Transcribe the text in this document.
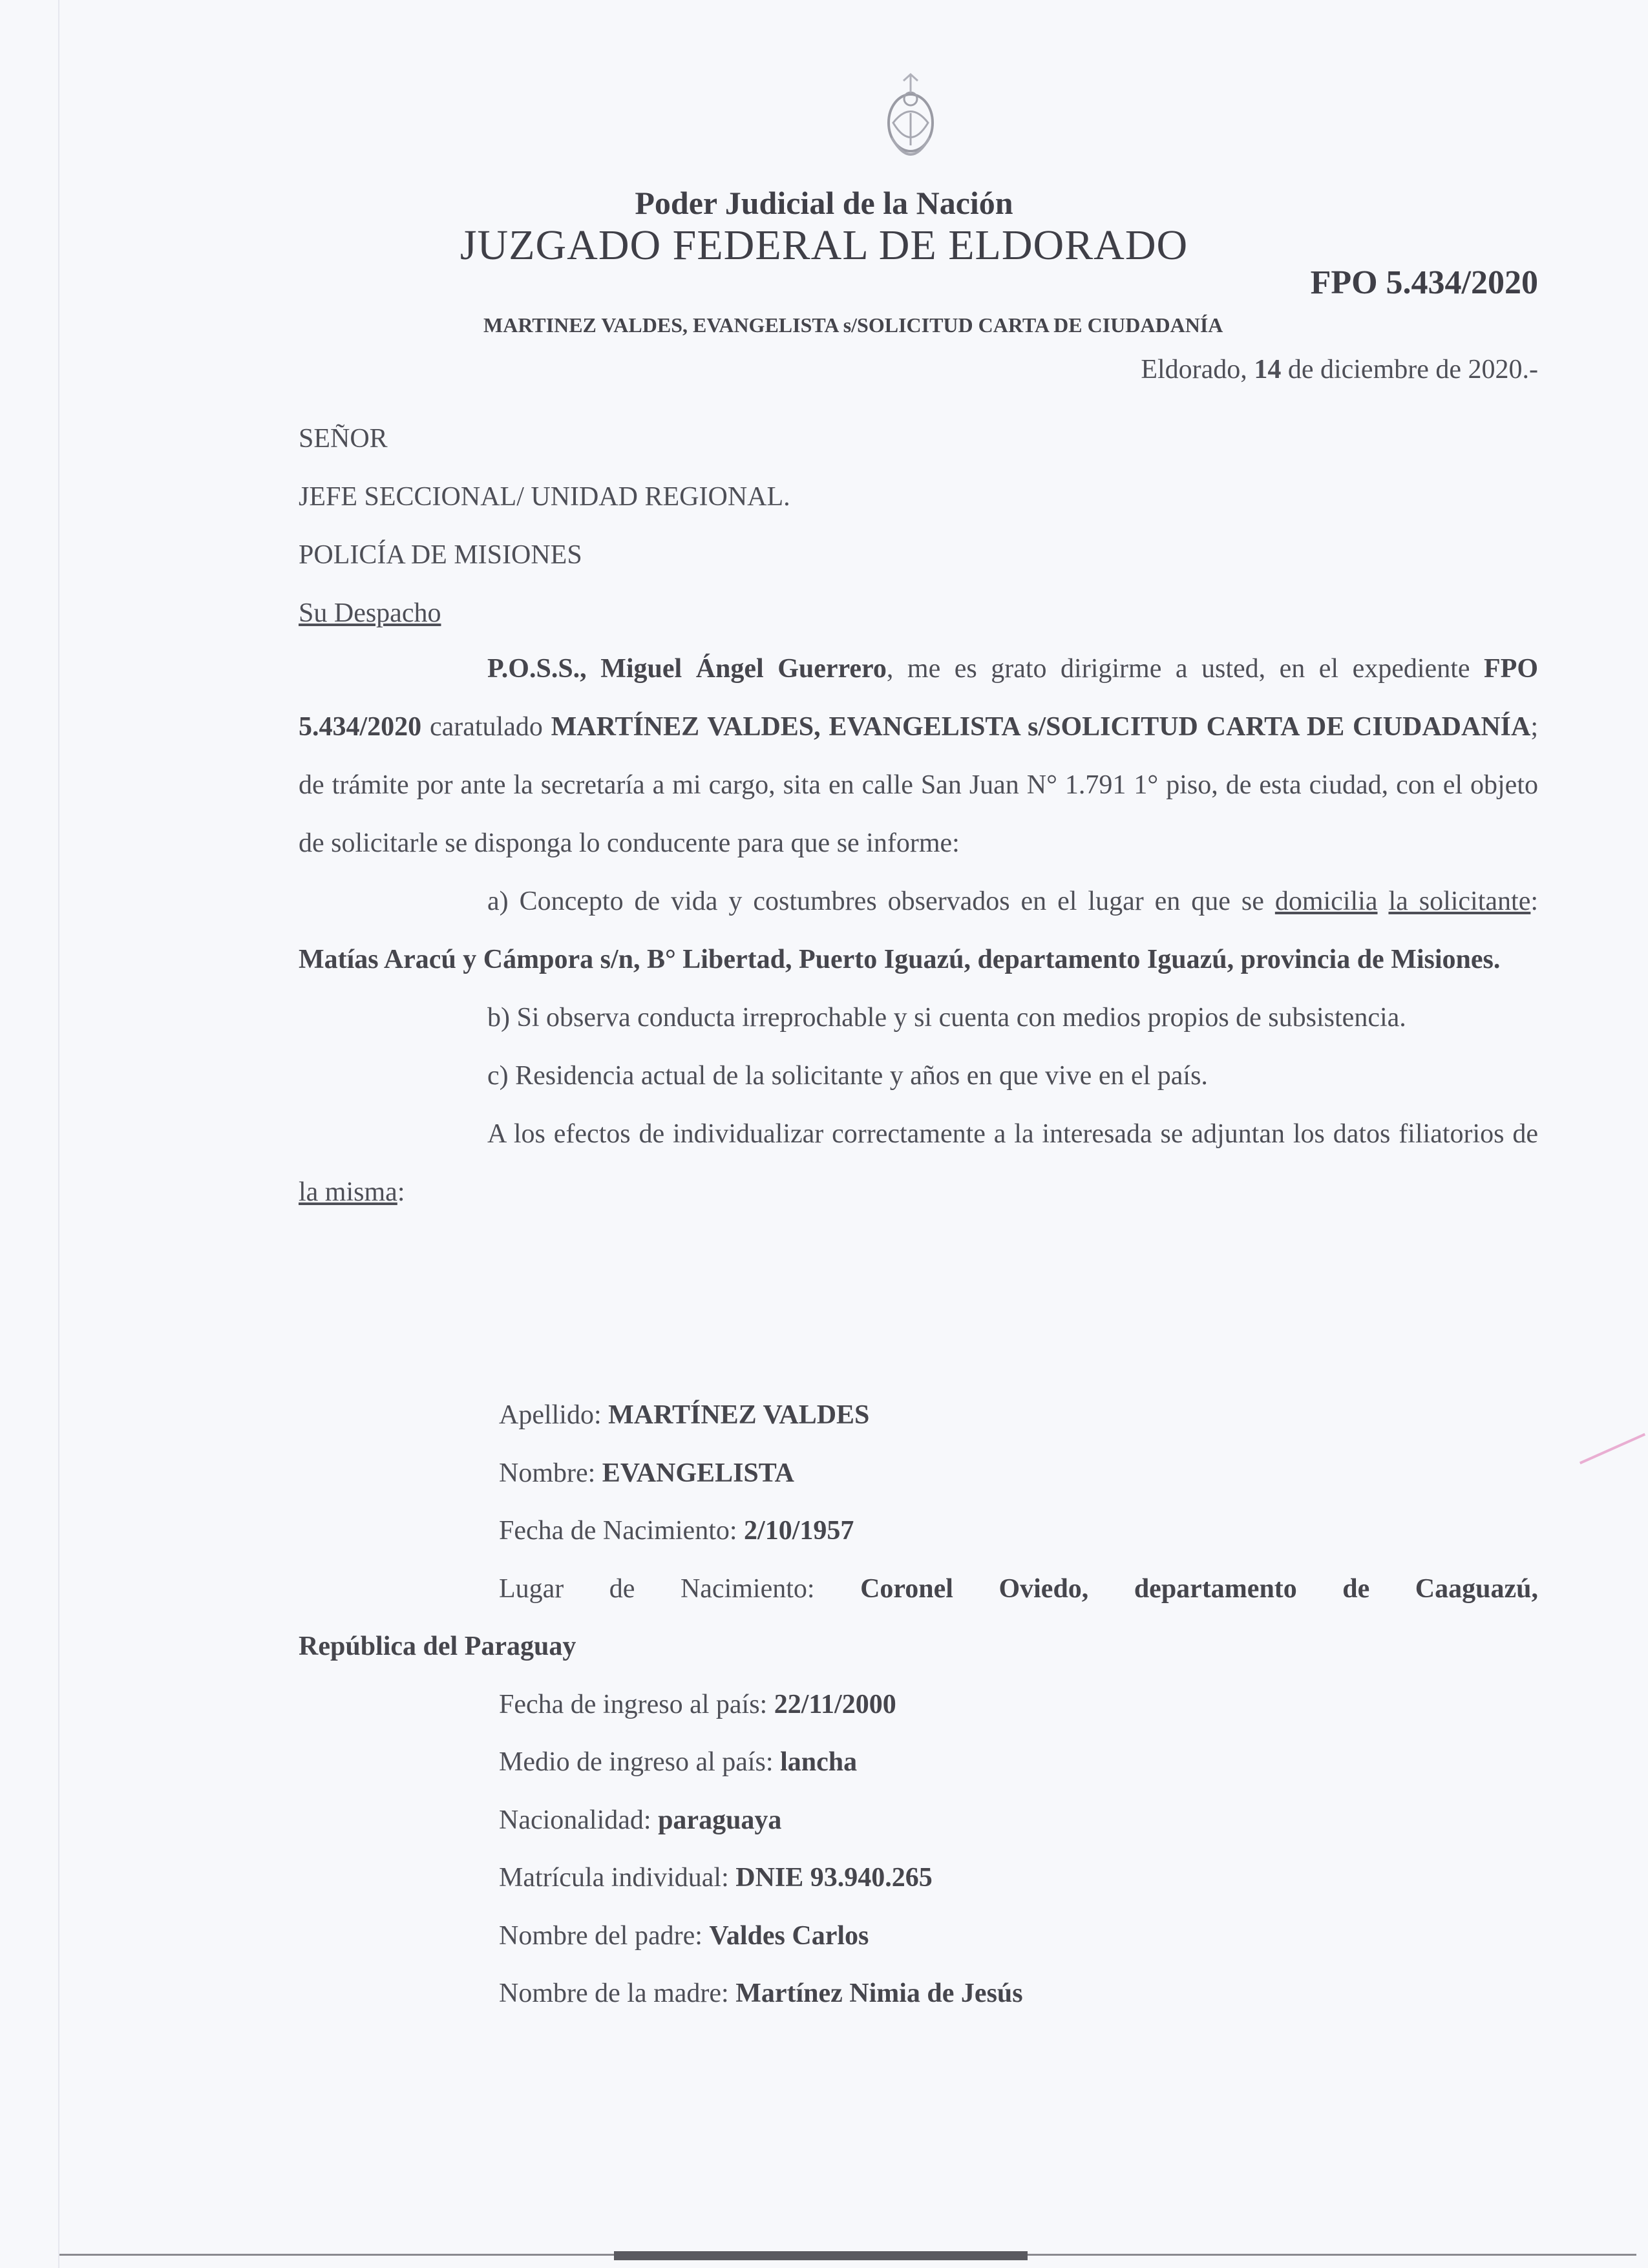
Poder Judicial de la Nación
JUZGADO FEDERAL DE ELDORADO
FPO 5.434/2020
MARTINEZ VALDES, EVANGELISTA s/SOLICITUD CARTA DE CIUDADANÍA
Eldorado, 14 de diciembre de 2020.-
SEÑOR
JEFE SECCIONAL/ UNIDAD REGIONAL.
POLICÍA DE MISIONES
Su Despacho

P.O.S.S., Miguel Ángel Guerrero, me es grato dirigirme a usted, en el expediente FPO 5.434/2020 caratulado MARTÍNEZ VALDES, EVANGELISTA s/SOLICITUD CARTA DE CIUDADANÍA; de trámite por ante la secretaría a mi cargo, sita en calle San Juan N° 1.791 1° piso, de esta ciudad, con el objeto de solicitarle se disponga lo conducente para que se informe:

a) Concepto de vida y costumbres observados en el lugar en que se domicilia la solicitante: Matías Aracú y Cámpora s/n, B° Libertad, Puerto Iguazú, departamento Iguazú, provincia de Misiones.

b) Si observa conducta irreprochable y si cuenta con medios propios de subsistencia.

c) Residencia actual de la solicitante y años en que vive en el país.

A los efectos de individualizar correctamente a la interesada se adjuntan los datos filiatorios de la misma:

Apellido: MARTÍNEZ VALDES
Nombre: EVANGELISTA
Fecha de Nacimiento: 2/10/1957
Lugar de Nacimiento: Coronel Oviedo, departamento de Caaguazú,
República del Paraguay
Fecha de ingreso al país: 22/11/2000
Medio de ingreso al país: lancha
Nacionalidad: paraguaya
Matrícula individual: DNIE 93.940.265
Nombre del padre: Valdes Carlos
Nombre de la madre: Martínez Nimia de Jesús
